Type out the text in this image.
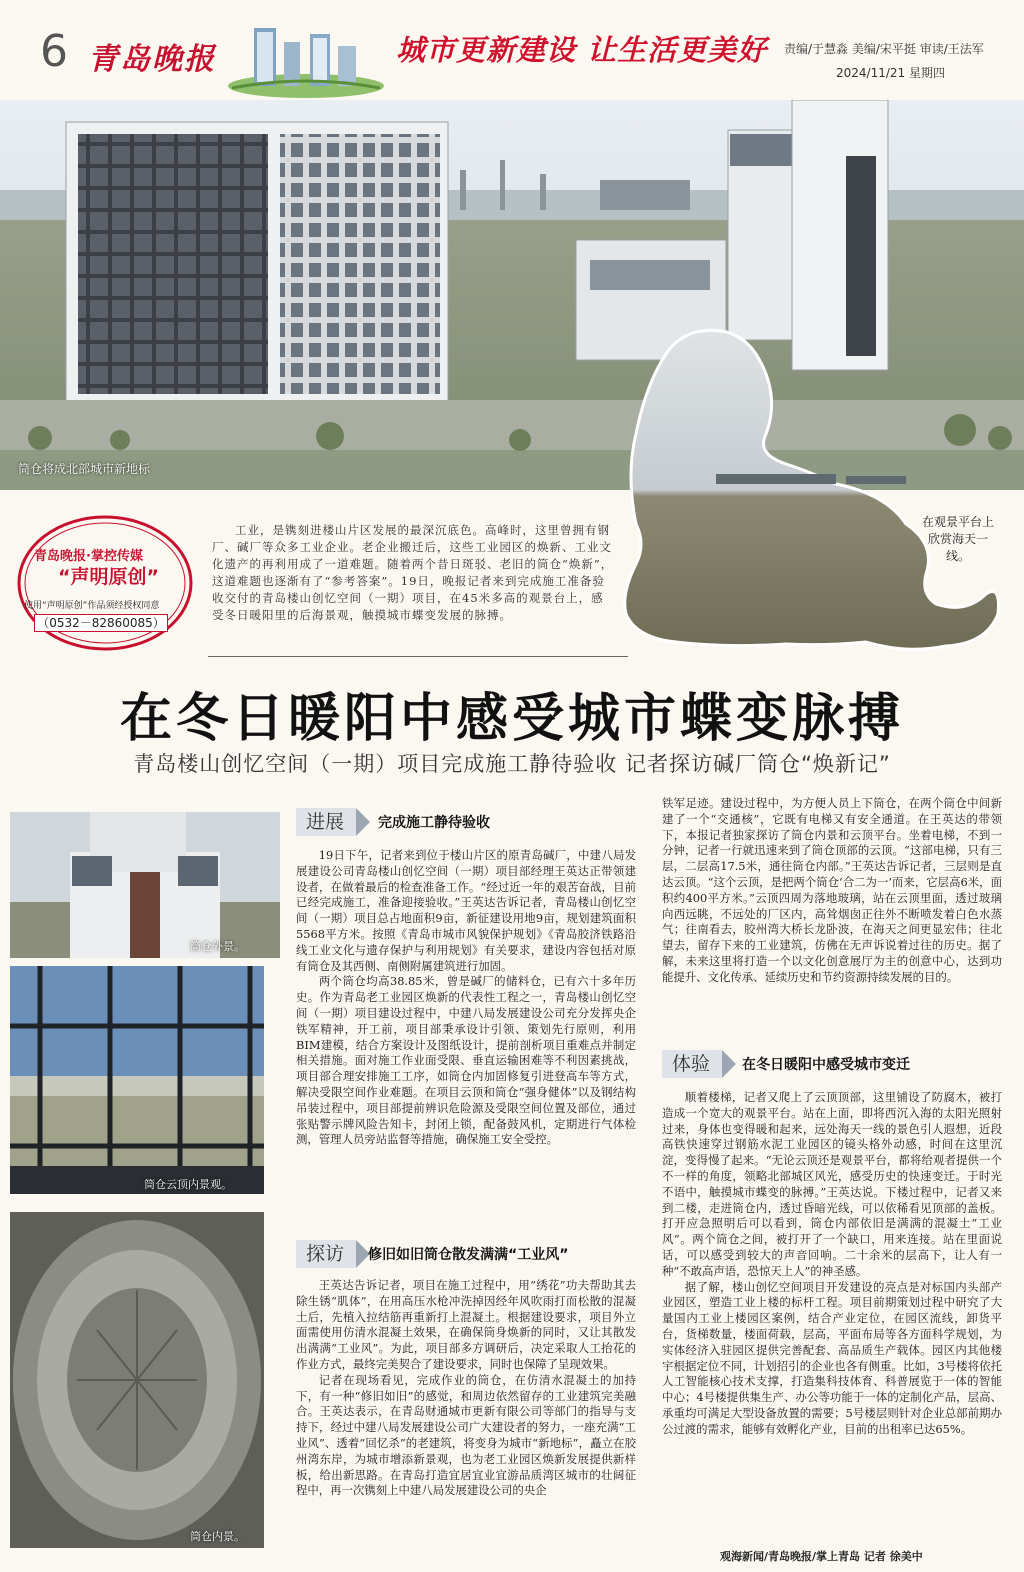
6 青岛晚报	城市更新建设 让生活更美好 责编/于慧淼 美编/宋平挺 审读/王法军
2024/11/21 星期四
筒仓将成北部城市新地标
在观景平台上欣赏海天一线。
青岛晚报·掌控传媒
“声明原创”
使用“声明原创”作品须经授权同意
（0532－82860085）
工业，是镌刻进楼山片区发展的最深沉底色。高峰时，这里曾拥有钢厂、碱厂等众多工业企业。老企业搬迁后，这些工业园区的焕新、工业文化遗产的再利用成了一道难题。随着两个昔日斑驳、老旧的筒仓“焕新”，这道难题也逐渐有了“参考答案”。19日，晚报记者来到完成施工准备验收交付的青岛楼山创忆空间（一期）项目，在45米多高的观景台上，感受冬日暖阳里的后海景观，触摸城市蝶变发展的脉搏。
在冬日暖阳中感受城市蝶变脉搏
青岛楼山创忆空间（一期）项目完成施工静待验收 记者探访碱厂筒仓“焕新记”
筒仓外景。
筒仓云顶内景观。
筒仓内景。
进展	完成施工静待验收

19日下午，记者来到位于楼山片区的原青岛碱厂，中建八局发展建设公司青岛楼山创忆空间（一期）项目部经理王英达正带领建设者，在做着最后的检查准备工作。“经过近一年的艰苦奋战，目前已经完成施工，准备迎接验收。”王英达告诉记者，青岛楼山创忆空间（一期）项目总占地面积9亩，新征建设用地9亩，规划建筑面积5568平方米。按照《青岛市城市风貌保护规划》《青岛胶济铁路沿线工业文化与遗存保护与利用规划》有关要求，建设内容包括对原有筒仓及其西侧、南侧附属建筑进行加固。

两个筒仓均高38.85米，曾是碱厂的储料仓，已有六十多年历史。作为青岛老工业园区焕新的代表性工程之一，青岛楼山创忆空间（一期）项目建设过程中，中建八局发展建设公司充分发挥央企铁军精神，开工前，项目部秉承设计引领、策划先行原则，利用BIM建模，结合方案设计及图纸设计，提前剖析项目重难点并制定相关措施。面对施工作业面受限、垂直运输困难等不利因素挑战，项目部合理安排施工工序，如筒仓内加固修复引进登高车等方式，解决受限空间作业难题。在项目云顶和筒仓“强身健体”以及钢结构吊装过程中，项目部提前辨识危险源及受限空间位置及部位，通过张贴警示牌风险告知卡，封闭上锁，配备鼓风机，定期进行气体检测，管理人员旁站监督等措施，确保施工安全受控。

探访	修旧如旧筒仓散发满满“工业风”

王英达告诉记者，项目在施工过程中，用“绣花”功夫帮助其去除生锈“肌体”，在用高压水枪冲洗掉因经年风吹雨打而松散的混凝土后，先植入拉结筋再重新打上混凝土。根据建设要求，项目外立面需使用仿清水混凝土效果，在确保筒身焕新的同时，又让其散发出满满“工业风”。为此，项目部多方调研后，决定采取人工抬花的作业方式，最终完美契合了建设要求，同时也保障了呈现效果。

记者在现场看见，完成作业的筒仓，在仿清水混凝土的加持下，有一种“修旧如旧”的感觉，和周边依然留存的工业建筑完美融合。王英达表示，在青岛财通城市更新有限公司等部门的指导与支持下，经过中建八局发展建设公司广大建设者的努力，一座充满“工业风”、透着“回忆杀”的老建筑，将变身为城市“新地标”，矗立在胶州湾东岸，为城市增添新景观，也为老工业园区焕新发展提供新样板，给出新思路。在青岛打造宜居宜业宜游品质湾区城市的壮阔征程中，再一次镌刻上中建八局发展建设公司的央企

铁军足迹。建设过程中，为方便人员上下筒仓，在两个筒仓中间新建了一个“交通核”，它既有电梯又有安全通道。在王英达的带领下，本报记者独家探访了筒仓内景和云顶平台。坐着电梯，不到一分钟，记者一行就迅速来到了筒仓顶部的云顶。“这部电梯，只有三层，二层高17.5米，通往筒仓内部。”王英达告诉记者，三层则是直达云顶。“这个云顶，是把两个筒仓‘合二为一’而来，它层高6米，面积约400平方米。”云顶四周为落地玻璃，站在云顶里面，透过玻璃向西远眺，不远处的厂区内，高耸烟囱正往外不断喷发着白色水蒸气；往南看去，胶州湾大桥长龙卧波，在海天之间更显宏伟；往北望去，留存下来的工业建筑，仿佛在无声诉说着过往的历史。据了解，未来这里将打造一个以文化创意展厅为主的创意中心，达到功能提升、文化传承、延续历史和节约资源持续发展的目的。

体验	在冬日暖阳中感受城市变迁

顺着楼梯，记者又爬上了云顶顶部，这里铺设了防腐木，被打造成一个宽大的观景平台。站在上面，即将西沉入海的太阳光照射过来，身体也变得暖和起来，远处海天一线的景色引人遐想，近段高铁快速穿过钢筋水泥工业园区的镜头格外动感，时间在这里沉淀，变得慢了起来。“无论云顶还是观景平台，都将给观者提供一个不一样的角度，领略北部城区风光，感受历史的快速变迁。于时光不语中，触摸城市蝶变的脉搏。”王英达说。下楼过程中，记者又来到二楼，走进筒仓内，透过昏暗光线，可以依稀看见顶部的盖板。打开应急照明后可以看到，筒仓内部依旧是满满的混凝土“工业风”。两个筒仓之间，被打开了一个缺口，用来连接。站在里面说话，可以感受到较大的声音回响。二十余米的层高下，让人有一种“不敢高声语，恐惊天上人”的神圣感。

据了解，楼山创忆空间项目开发建设的亮点是对标国内头部产业园区，塑造工业上楼的标杆工程。项目前期策划过程中研究了大量国内工业上楼园区案例，结合产业定位，在园区流线，卸货平台，货梯数量，楼面荷载，层高，平面布局等各方面科学规划，为实体经济入驻园区提供完善配套、高品质生产载体。园区内其他楼宇根据定位不同，计划招引的企业也各有侧重。比如，3号楼将依托人工智能核心技术支撑，打造集科技体育、科普展览于一体的智能中心；4号楼提供集生产、办公等功能于一体的定制化产品，层高、承重均可满足大型设备放置的需要；5号楼层则针对企业总部前期办公过渡的需求，能够有效孵化产业，目前的出租率已达65%。

观海新闻/青岛晚报/掌上青岛 记者 徐美中
